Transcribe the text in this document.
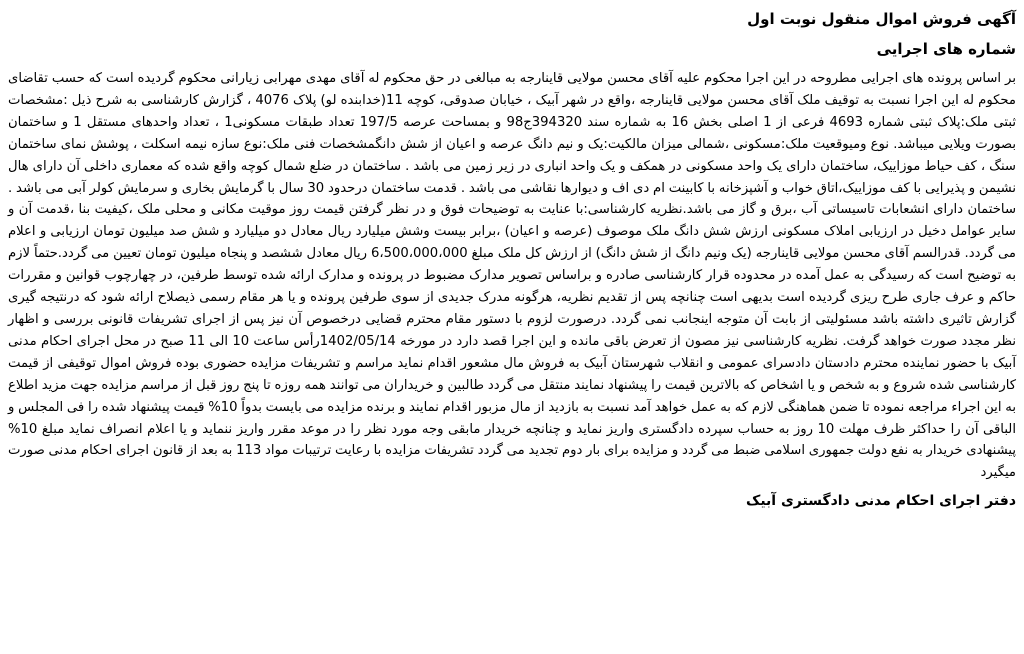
آگهی فروش اموال منقول نوبت اول
شماره های اجرایی

بر اساس پرونده های اجرایی مطروحه در این اجرا محکوم علیه آقای محسن مولایی قاینارجه به مبالغی در حق محکوم له آقای مهدی مهرابی زیارانی محکوم گردیده است که حسب تقاضای محکوم له این اجرا نسبت به توقیف ملک آقای محسن مولایی قاینارجه ،واقع در شهر آبیک ، خیابان صدوقی، کوچه 11(خدابنده لو) پلاک 4076 ، گزارش کارشناسی به شرح ذیل :مشخصات ثبتی ملک:پلاک ثبتی شماره 4693 فرعی از 1 اصلی بخش 16 به شماره سند 394320ج98 و بمساحت عرصه 197/5 تعداد طبقات مسکونی1 ، تعداد واحدهای مستقل 1 و ساختمان بصورت ویلایی میباشد. نوع ومیوقعیت ملک:مسکونی ،شمالی میزان مالکیت:یک و نیم دانگ عرصه و اعیان از شش دانگمشخصات فنی ملک:نوع سازه نیمه اسکلت ، پوشش نمای ساختمان سنگ ، کف حیاط موزاییک، ساختمان دارای یک واحد مسکونی در همکف و یک واحد انباری در زیر زمین می باشد . ساختمان در ضلع شمال کوچه واقع شده که معماری داخلی آن دارای هال نشیمن و پذیرایی با کف موزاییک،اتاق خواب و آشپزخانه با کابینت ام دی اف و دیوارها نقاشی می باشد . قدمت ساختمان درحدود 30 سال با گرمایش بخاری و سرمایش کولر آبی می باشد . ساختمان دارای انشعابات تاسیساتی آب ،برق و گاز می باشد.نظریه کارشناسی:با عنایت به توضیحات فوق و در نظر گرفتن قیمت روز موقیت مکانی و محلی ملک ،کیفیت بنا ،قدمت آن و سایر عوامل دخیل در ارزیابی املاک مسکونی ارزش شش دانگ ملک موصوف (عرصه و اعیان) ،برابر بیست وشش میلیارد ریال معادل دو میلیارد و شش صد میلیون تومان ارزیابی و اعلام می گردد. قدرالسم آقای محسن مولایی قاینارجه (یک ونیم دانگ از شش دانگ) از ارزش کل ملک مبلغ 6،500،000،000 ریال معادل ششصد و پنجاه میلیون تومان تعیین می گردد.حتماً لازم به توضیح است که رسیدگی به عمل آمده در محدوده قرار کارشناسی صادره و براساس تصویر مدارک مضبوط در پرونده و مدارک ارائه شده توسط طرفین، در چهارچوب قوانین و مقررات حاکم و عرف جاری طرح ریزی گردیده است بدیهی است چنانچه پس از تقدیم نظریه، هرگونه مدرک جدیدی از سوی طرفین پرونده و یا هر مقام رسمی ذیصلاح ارائه شود که درنتیجه گیری گزارش تاثیری داشته باشد مسئولیتی از بابت آن متوجه اینجانب نمی گردد. درصورت لزوم با دستور مقام محترم قضایی درخصوص آن نیز پس از اجرای تشریفات قانونی بررسی و اظهار نظر مجدد صورت خواهد گرفت. نظریه کارشناسی نیز مصون از تعرض باقی مانده و این اجرا قصد دارد در مورخه 1402/05/14رأس ساعت 10 الی 11 صبح در محل اجرای احکام مدنی آبیک با حضور نماینده محترم دادستان دادسرای عمومی و انقلاب شهرستان آبیک به فروش مال مشعور اقدام نماید مراسم و تشریفات مزایده حضوری بوده فروش اموال توقیفی از قیمت کارشناسی شده شروع و به شخص و یا اشخاص که بالاترین قیمت را پیشنهاد نمایند منتقل می گردد طالبین و خریداران می توانند همه روزه تا پنج روز قبل از مراسم مزایده جهت مزید اطلاع به این اجراء مراجعه نموده تا ضمن هماهنگی لازم که به عمل خواهد آمد نسبت به بازدید از مال مزبور اقدام نمایند و برنده مزایده می بایست بدواً 10% قیمت پیشنهاد شده را فی المجلس و الباقی آن را حداکثر ظرف مهلت 10 روز به حساب سپرده دادگستری واریز نماید و چنانچه خریدار مابقی وجه مورد نظر را در موعد مقرر واریز ننماید و یا اعلام انصراف نماید مبلغ 10% پیشنهادی خریدار به نفع دولت جمهوری اسلامی ضبط می گردد و مزایده برای بار دوم تجدید می گردد تشریفات مزایده با رعایت ترتیبات مواد 113 به بعد از قانون اجرای احکام مدنی صورت میگیرد

دفتر اجرای احکام مدنی دادگستری آبیک
